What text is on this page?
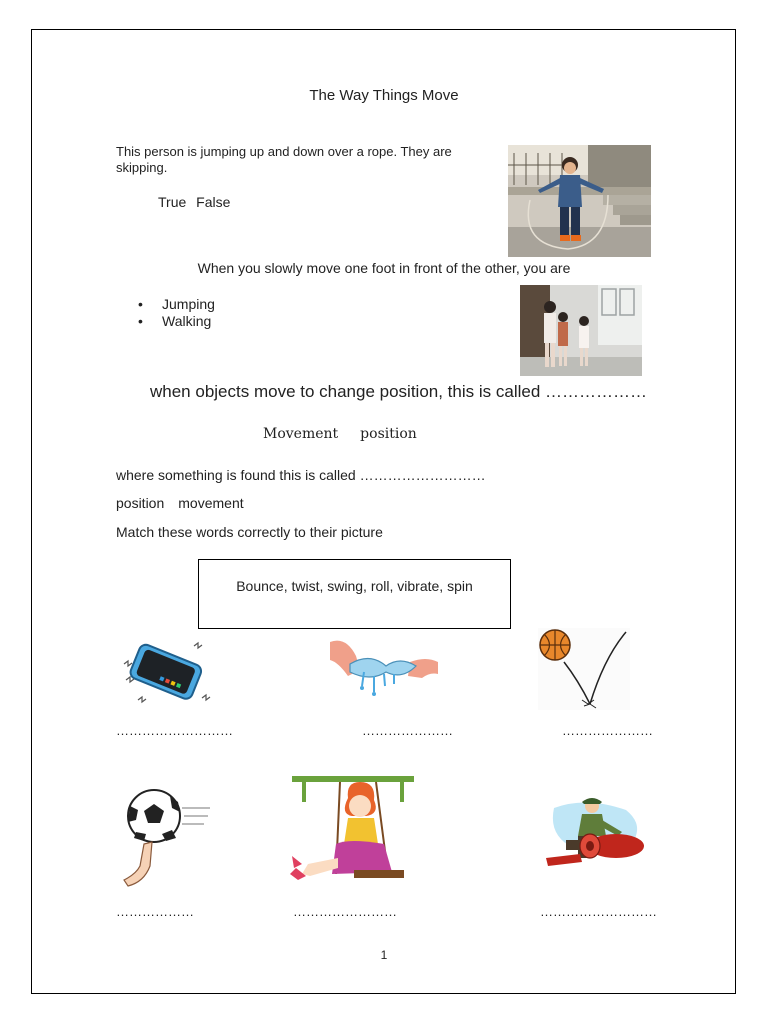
The Way Things Move
This person is jumping up and down over a rope. They are skipping.
True False
When you slowly move one foot in front of the other, you are
• Jumping
• Walking
when objects move to change position, this is called ………………
Movement position
where something is found this is called ………………………
position movement
Match these words correctly to their picture
Bounce, twist, swing, roll, vibrate, spin
………………………	…………………	…………………
………………	……………………	………………………
1
